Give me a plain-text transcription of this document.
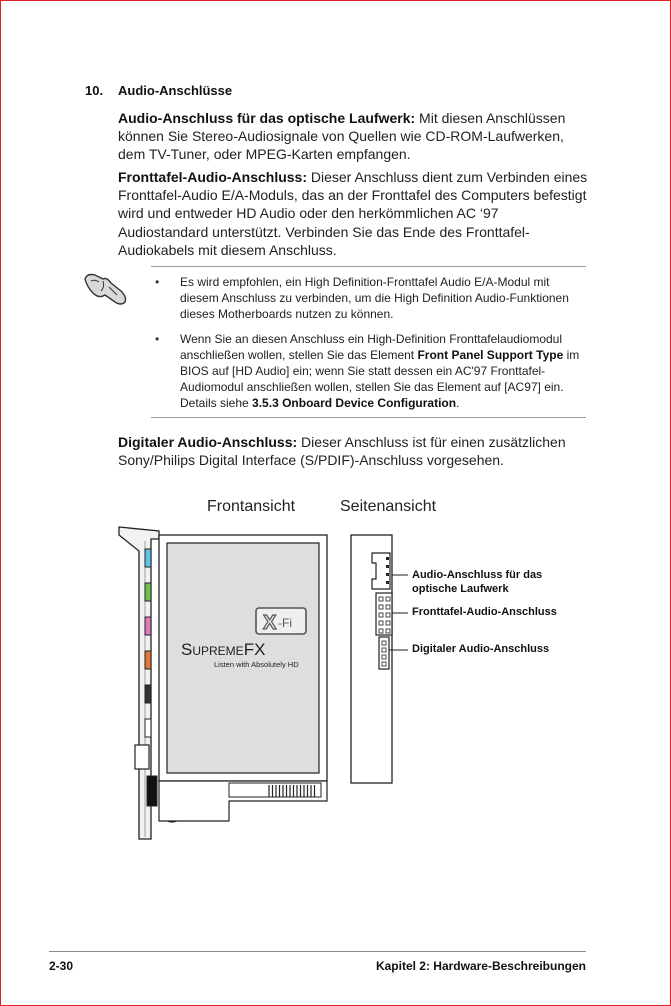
10. Audio-Anschlüsse
Audio-Anschluss für das optische Laufwerk: Mit diesen Anschlüssen können Sie Stereo-Audiosignale von Quellen wie CD-ROM-Laufwerken, dem TV-Tuner, oder MPEG-Karten empfangen.
Fronttafel-Audio-Anschluss: Dieser Anschluss dient zum Verbinden eines Fronttafel-Audio E/A-Moduls, das an der Fronttafel des Computers befestigt wird und entweder HD Audio oder den herkömmlichen AC ‘97 Audiostandard unterstützt. Verbinden Sie das Ende des Fronttafel-Audiokabels mit diesem Anschluss.
• Es wird empfohlen, ein High Definition-Fronttafel Audio E/A-Modul mit diesem Anschluss zu verbinden, um die High Definition Audio-Funktionen dieses Motherboards nutzen zu können.
• Wenn Sie an diesen Anschluss ein High-Definition Fronttafelaudiomodul anschließen wollen, stellen Sie das Element Front Panel Support Type im BIOS auf [HD Audio] ein; wenn Sie statt dessen ein AC'97 Fronttafel-Audiomodul anschließen wollen, stellen Sie das Element auf [AC97] ein. Details siehe 3.5.3 Onboard Device Configuration.
Digitaler Audio-Anschluss: Dieser Anschluss ist für einen zusätzlichen Sony/Philips Digital Interface (S/PDIF)-Anschluss vorgesehen.
Frontansicht	Seitenansicht
X -Fi
SUPREMEFX
Listen with Absolutely HD
Audio-Anschluss für das optische Laufwerk
Fronttafel-Audio-Anschluss
Digitaler Audio-Anschluss
2-30	Kapitel 2: Hardware-Beschreibungen
